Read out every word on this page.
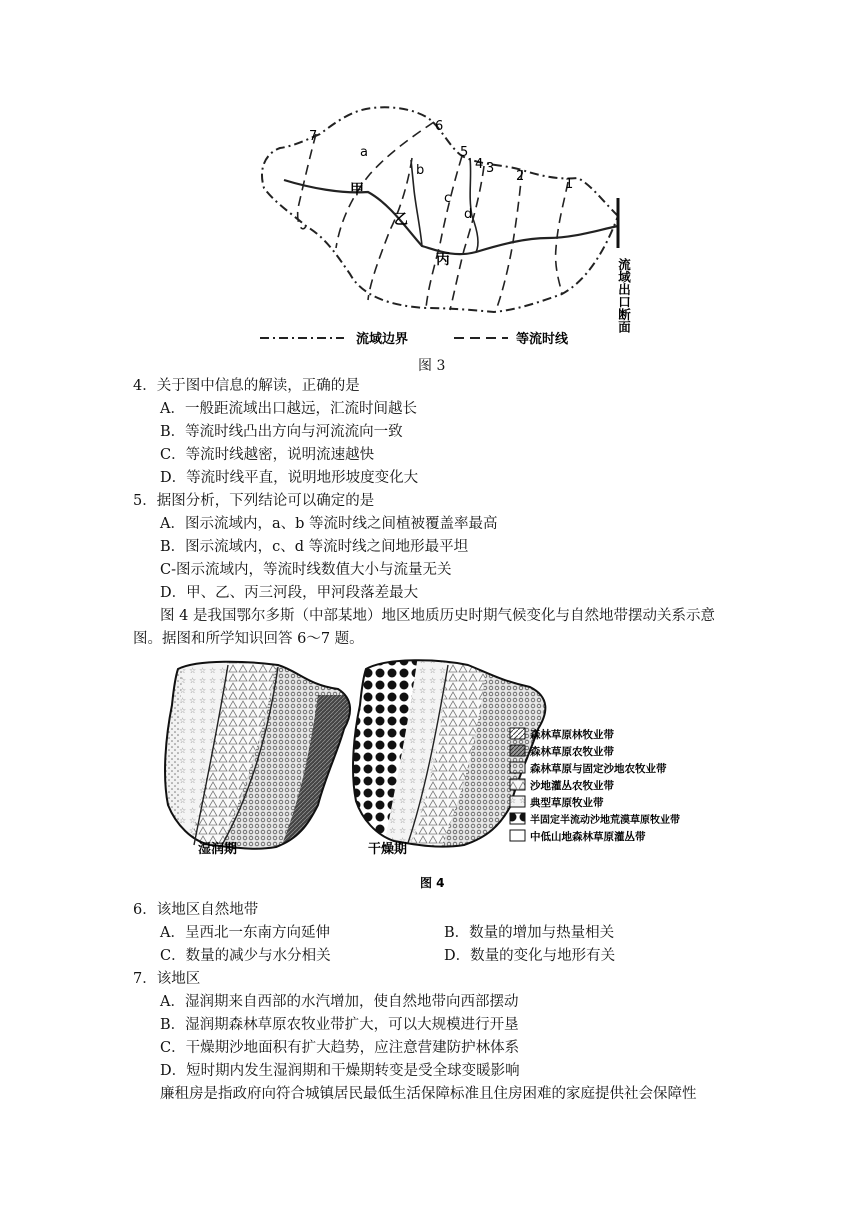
7
6
5
4 3
2
1
a
b
c
d
甲
乙
丙	流域出口断面
流域边界	等流时线
图 3
4．关于图中信息的解读，正确的是
A．一般距流域出口越远，汇流时间越长
B．等流时线凸出方向与河流流向一致
C．等流时线越密，说明流速越快
D．等流时线平直，说明地形坡度变化大
5．据图分析，下列结论可以确定的是
A．图示流域内，a、b 等流时线之间植被覆盖率最高
B．图示流域内，c、d 等流时线之间地形最平坦
C-图示流域内，等流时线数值大小与流量无关
D．甲、乙、丙三河段，甲河段落差最大
图 4 是我国鄂尔多斯（中部某地）地区地质历史时期气候变化与自然地带摆动关系示意
图。据图和所学知识回答 6～7 题。
湿润期	干燥期
森林草原林牧业带
森林草原农牧业带
森林草原与固定沙地农牧业带
沙地灌丛农牧业带
典型草原牧业带
半固定半流动沙地荒漠草原牧业带
中低山地森林草原灌丛带
图 4
6．该地区自然地带
A．呈西北一东南方向延伸	B．数量的增加与热量相关
C．数量的减少与水分相关	D．数量的变化与地形有关
7．该地区
A．湿润期来自西部的水汽增加，使自然地带向西部摆动
B．湿润期森林草原农牧业带扩大，可以大规模进行开垦
C．干燥期沙地面积有扩大趋势，应注意营建防护林体系
D．短时期内发生湿润期和干燥期转变是受全球变暖影响
廉租房是指政府向符合城镇居民最低生活保障标准且住房困难的家庭提供社会保障性
